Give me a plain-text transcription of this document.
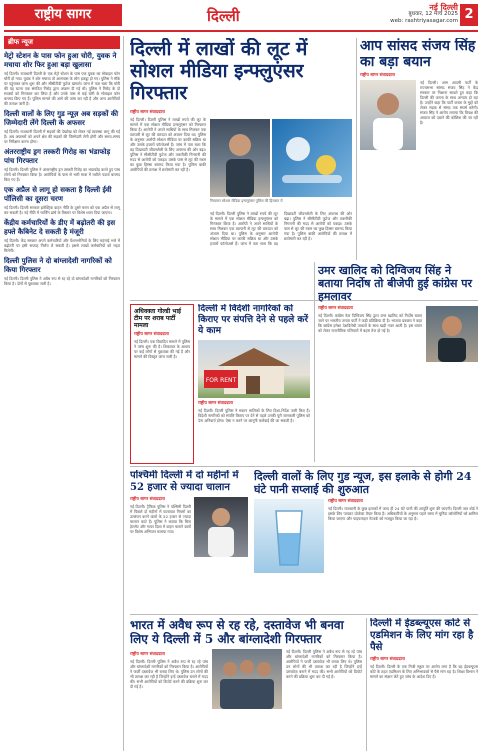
राष्ट्रीय सागर	दिल्ली	नई दिल्ली
बुधवार, 12 मार्च 2025
web: rashtriyasagar.com 2
ब्रीफ न्यूज
मेट्रो स्टेशन के पास फोन हुआ चोरी, युवक ने मचाया शोर फिर हुआ बड़ा खुलासा
नई दिल्ली। राजधानी दिल्ली के एक मेट्रो स्टेशन के पास एक युवक का मोबाइल फोन चोरी हो गया। युवक ने शोर मचाया तो आसपास के लोग इकट्ठा हो गए। पुलिस ने मौके पर पहुंचकर जांच शुरू की और सीसीटीवी फुटेज खंगाले। जांच में पता चला कि चोरी की यह घटना एक संगठित गिरोह द्वारा अंजाम दी गई थी। पुलिस ने गिरोह के दो सदस्यों को गिरफ्तार कर लिया है और उनके पास से कई चोरी के मोबाइल फोन बरामद किए गए हैं। पुलिस मामले की आगे की जांच कर रही है और अन्य आरोपियों की तलाश जारी है।
दिल्ली वालों के लिए गुड न्यूज़ अब सड़कों की जिम्मेदारी लेंगे दिल्ली के अफसर
नई दिल्ली। राजधानी दिल्ली में सड़कों की देखरेख को लेकर नई व्यवस्था लागू की गई है। अब अफसरों को अपने क्षेत्र की सड़कों की जिम्मेदारी लेनी होगी और समय-समय पर निरीक्षण करना होगा।
अंतरराष्ट्रीय ड्रग तस्करी गिरोह का भंडाफोड़ पांच गिरफ्तार
नई दिल्ली। दिल्ली पुलिस ने अंतरराष्ट्रीय ड्रग तस्करी गिरोह का भंडाफोड़ करते हुए पांच लोगों को गिरफ्तार किया है। आरोपियों के पास से भारी मात्रा में नशीले पदार्थ बरामद किए गए हैं।
एक अप्रैल से लागू हो सकता है दिल्ली ईवी पॉलिसी का दूसरा चरण
नई दिल्ली। दिल्ली सरकार इलेक्ट्रिक वाहन नीति के दूसरे चरण को एक अप्रैल से लागू कर सकती है। नई नीति में चार्जिंग ढांचे के विस्तार पर विशेष ध्यान दिया जाएगा।
केंद्रीय कर्मचारियों के डीए में बढ़ोतरी की इस हफ्ते कैबिनेट दे सकती है मंजूरी
नई दिल्ली। केंद्र सरकार अपने कर्मचारियों और पेंशनभोगियों के लिए महंगाई भत्ते में बढ़ोतरी पर इसी सप्ताह निर्णय ले सकती है। इससे लाखों कर्मचारियों को राहत मिलेगी।
दिल्ली पुलिस ने दो बांग्लादेशी नागरिकों को किया गिरफ्तार
नई दिल्ली। दिल्ली पुलिस ने अवैध रूप से रह रहे दो बांग्लादेशी नागरिकों को गिरफ्तार किया है। दोनों से पूछताछ जारी है।
दिल्ली में लाखों की लूट में सोशल मीडिया इन्फ्लुएंसर गिरफ्तार
गिरफ्तार सोशल मीडिया इन्फ्लुएंसर पुलिस की हिरासत में
राष्ट्रीय सागर संवाददाता
नई दिल्ली। दिल्ली पुलिस ने लाखों रुपये की लूट के मामले में एक सोशल मीडिया इन्फ्लुएंसर को गिरफ्तार किया है। आरोपी ने अपने साथियों के साथ मिलकर एक व्यापारी से लूट की वारदात को अंजाम दिया था। पुलिस के अनुसार आरोपी सोशल मीडिया पर काफी सक्रिय था और उसके हजारों फॉलोअर्स हैं। जांच में पता चला कि वह दिखावटी जीवनशैली के लिए अपराध की ओर बढ़ा। पुलिस ने सीसीटीवी फुटेज और तकनीकी निगरानी की मदद से आरोपी को पकड़ा। उसके पास से लूट की रकम का कुछ हिस्सा बरामद किया गया है। पुलिस बाकी आरोपियों की तलाश में छापेमारी कर रही है।
नई दिल्ली। दिल्ली पुलिस ने लाखों रुपये की लूट के मामले में एक सोशल मीडिया इन्फ्लुएंसर को गिरफ्तार किया है। आरोपी ने अपने साथियों के साथ मिलकर एक व्यापारी से लूट की वारदात को अंजाम दिया था। पुलिस के अनुसार आरोपी सोशल मीडिया पर काफी सक्रिय था और उसके हजारों फॉलोअर्स हैं। जांच में पता चला कि वह दिखावटी जीवनशैली के लिए अपराध की ओर बढ़ा। पुलिस ने सीसीटीवी फुटेज और तकनीकी निगरानी की मदद से आरोपी को पकड़ा। उसके पास से लूट की रकम का कुछ हिस्सा बरामद किया गया है। पुलिस बाकी आरोपियों की तलाश में छापेमारी कर रही है।
आप सांसद संजय सिंह का बड़ा बयान
राष्ट्रीय सागर संवाददाता
नई दिल्ली। आम आदमी पार्टी के राज्यसभा सांसद संजय सिंह ने केंद्र सरकार पर निशाना साधते हुए कहा कि दिल्ली की जनता के साथ अन्याय हो रहा है। उन्होंने कहा कि पार्टी जनता के मुद्दों को लेकर सड़क से संसद तक संघर्ष करेगी। संजय सिंह ने आरोप लगाया कि विपक्ष की आवाज को दबाने की कोशिश की जा रही है।
अधिवक्ता गोल्डी भाई टीम पर शराब पार्टी मामला
राष्ट्रीय सागर संवाददाता
नई दिल्ली। एक विवादित मामले में पुलिस ने जांच शुरू की है। शिकायत के आधार पर कई लोगों से पूछताछ की गई है और मामले की विस्तृत जांच जारी है।
दिल्ली में विदेशी नागरिकों को किराए पर संपत्ति देने से पहले करें ये काम
FOR RENT
राष्ट्रीय सागर संवाददाता
नई दिल्ली। दिल्ली पुलिस ने मकान मालिकों के लिए दिशा-निर्देश जारी किए हैं। विदेशी नागरिकों को संपत्ति किराए पर देने से पहले उनकी पूरी जानकारी पुलिस को देना अनिवार्य होगा। ऐसा न करने पर कानूनी कार्रवाई की जा सकती है।
उमर खालिद को दिग्विजय सिंह ने बताया निर्दोष तो बीजेपी हुई कांग्रेस पर हमलावर
राष्ट्रीय सागर संवाददाता
नई दिल्ली। कांग्रेस नेता दिग्विजय सिंह द्वारा उमर खालिद को निर्दोष बताए जाने पर भारतीय जनता पार्टी ने कड़ी प्रतिक्रिया दी है। भाजपा प्रवक्ता ने कहा कि कांग्रेस हमेशा देशविरोधी ताकतों के साथ खड़ी नजर आती है। इस बयान को लेकर राजनीतिक गलियारों में बहस तेज हो गई है।
पश्चिमी दिल्ली में दो महीनों में 52 हजार से ज्यादा चालान
राष्ट्रीय सागर संवाददाता
नई दिल्ली। ट्रैफिक पुलिस ने पश्चिमी दिल्ली में पिछले दो महीनों में यातायात नियमों का उल्लंघन करने वालों के 52 हजार से ज्यादा चालान काटे हैं। पुलिस ने बताया कि बिना हेलमेट और गलत दिशा में वाहन चलाने वालों पर विशेष अभियान चलाया गया।
दिल्ली वालों के लिए गुड न्यूज, इस इलाके से होगी 24 घंटे पानी सप्लाई की शुरुआत
राष्ट्रीय सागर संवाददाता
नई दिल्ली। राजधानी के कुछ इलाकों में जल्द ही 24 घंटे पानी की आपूर्ति शुरू की जाएगी। दिल्ली जल बोर्ड ने इसके लिए पायलट प्रोजेक्ट तैयार किया है। अधिकारियों के अनुसार पहले चरण में चुनिंदा कॉलोनियों को शामिल किया जाएगा और पाइपलाइन नेटवर्क को मजबूत किया जा रहा है।
भारत में अवैध रूप से रह रहे, दस्तावेज भी बनवा लिए ये दिल्ली में 5 और बांग्लादेशी गिरफ्तार
राष्ट्रीय सागर संवाददाता
नई दिल्ली। दिल्ली पुलिस ने अवैध रूप से रह रहे पांच और बांग्लादेशी नागरिकों को गिरफ्तार किया है। आरोपियों ने फर्जी दस्तावेज भी बनवा लिए थे। पुलिस उन लोगों की भी तलाश कर रही है जिन्होंने इन्हें दस्तावेज बनाने में मदद की। सभी आरोपियों को डिपोर्ट करने की प्रक्रिया शुरू कर दी गई है।
नई दिल्ली। दिल्ली पुलिस ने अवैध रूप से रह रहे पांच और बांग्लादेशी नागरिकों को गिरफ्तार किया है। आरोपियों ने फर्जी दस्तावेज भी बनवा लिए थे। पुलिस उन लोगों की भी तलाश कर रही है जिन्होंने इन्हें दस्तावेज बनाने में मदद की। सभी आरोपियों को डिपोर्ट करने की प्रक्रिया शुरू कर दी गई है।
दिल्ली में ईडब्ल्यूएस कोटे से एडमिशन के लिए मांग रहा है पैसे
राष्ट्रीय सागर संवाददाता
नई दिल्ली। दिल्ली के एक निजी स्कूल पर आरोप लगा है कि वह ईडब्ल्यूएस कोटे के तहत एडमिशन के लिए अभिभावकों से पैसे मांग रहा है। शिक्षा विभाग ने मामले का संज्ञान लेते हुए जांच के आदेश दिए हैं।
